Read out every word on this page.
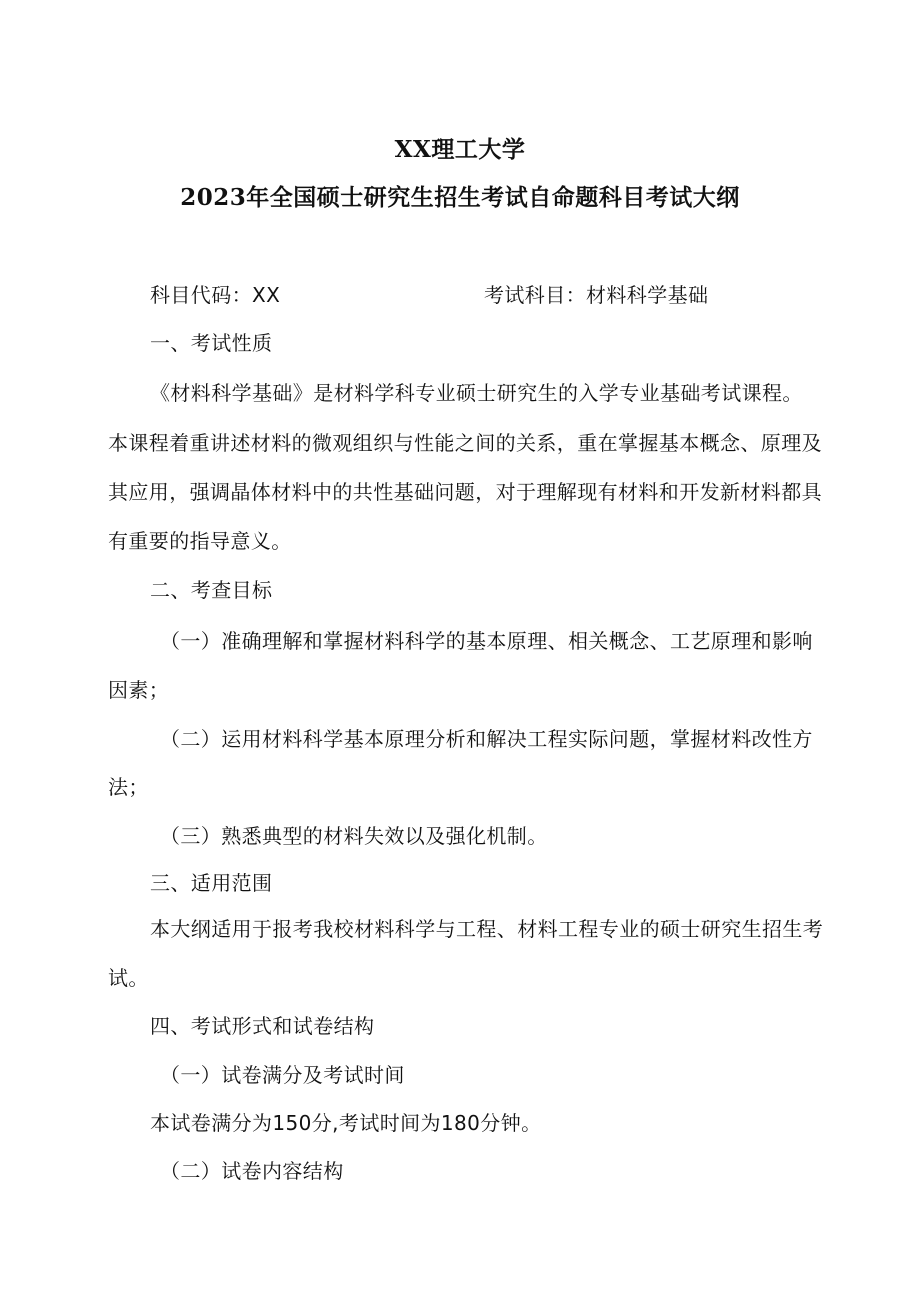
XX理工大学
2023年全国硕士研究生招生考试自命题科目考试大纲
科目代码：XX	考试科目：材料科学基础
一、考试性质
《材料科学基础》是材料学科专业硕士研究生的入学专业基础考试课程。
本课程着重讲述材料的微观组织与性能之间的关系，重在掌握基本概念、原理及
其应用，强调晶体材料中的共性基础问题，对于理解现有材料和开发新材料都具
有重要的指导意义。
二、考查目标
（一）准确理解和掌握材料科学的基本原理、相关概念、工艺原理和影响
因素；
（二）运用材料科学基本原理分析和解决工程实际问题，掌握材料改性方
法；
（三）熟悉典型的材料失效以及强化机制。
三、适用范围
本大纲适用于报考我校材料科学与工程、材料工程专业的硕士研究生招生考
试。
四、考试形式和试卷结构
（一）试卷满分及考试时间
本试卷满分为150分,考试时间为180分钟。
（二）试卷内容结构
